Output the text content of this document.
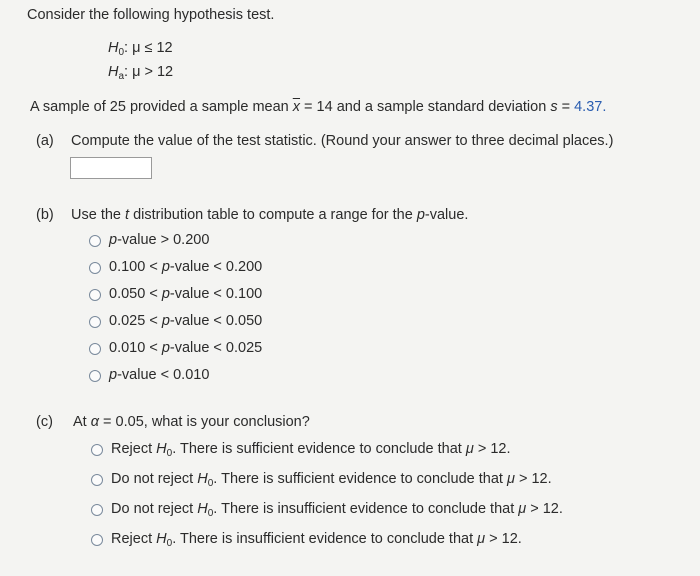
Consider the following hypothesis test.
$H_0$: μ ≤ 12
$H_a$: μ > 12
A sample of 25 provided a sample mean $\overline{x} = 14$ and a sample standard deviation s = 4.37.
(a) Compute the value of the test statistic. (Round your answer to three decimal places.)
(b) Use the t distribution table to compute a range for the p-value.
p-value > 0.200
0.100 < p-value < 0.200
0.050 < p-value < 0.100
0.025 < p-value < 0.050
0.010 < p-value < 0.025
p-value < 0.010
(c) At α = 0.05, what is your conclusion?
Reject $H_0$. There is sufficient evidence to conclude that μ > 12.
Do not reject $H_0$. There is sufficient evidence to conclude that μ > 12.
Do not reject $H_0$. There is insufficient evidence to conclude that μ > 12.
Reject $H_0$. There is insufficient evidence to conclude that μ > 12.
